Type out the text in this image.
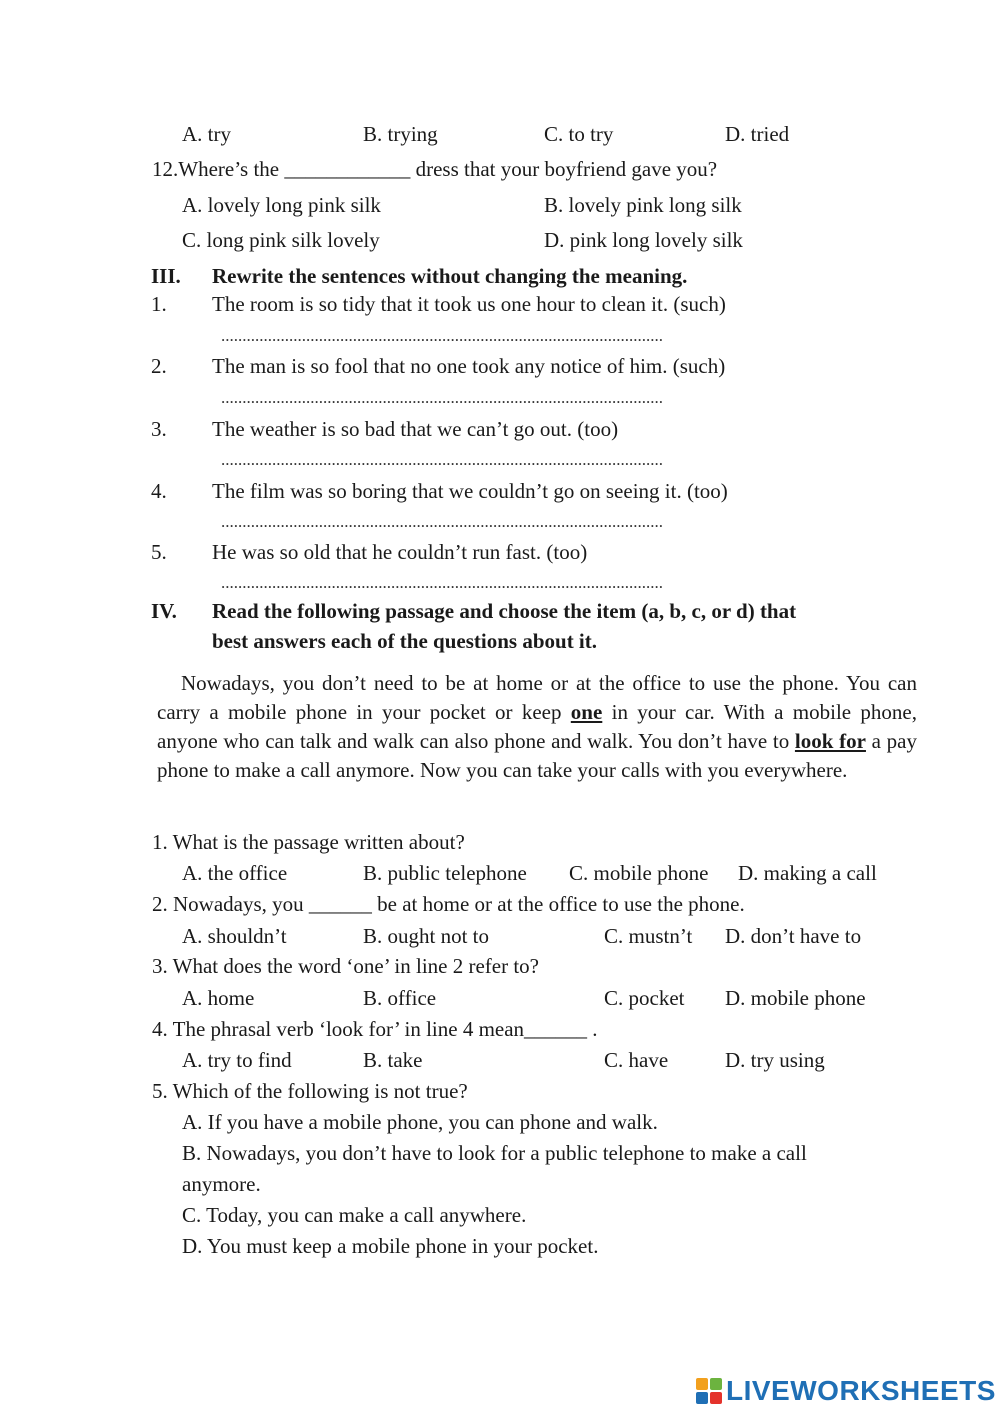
A. try	B. trying	C. to try	D. tried
12.Where’s the ____________ dress that your boyfriend gave you?
A. lovely long pink silk	B. lovely pink long silk
C. long pink silk lovely	D. pink long lovely silk
III. Rewrite the sentences without changing the meaning.
1. The room is so tidy that it took us one hour to clean it. (such)
........................................................................................................
2. The man is so fool that no one took any notice of him. (such)
........................................................................................................
3. The weather is so bad that we can’t go out. (too)
........................................................................................................
4. The film was so boring that we couldn’t go on seeing it. (too)
........................................................................................................
5. He was so old that he couldn’t run fast. (too)
........................................................................................................
IV. Read the following passage and choose the item (a, b, c, or d) that
best answers each of the questions about it.
Nowadays, you don’t need to be at home or at the office to use the phone. You can carry a mobile phone in your pocket or keep one in your car. With a mobile phone, anyone who can talk and walk can also phone and walk. You don’t have to look for a pay phone to make a call anymore. Now you can take your calls with you everywhere.
1. What is the passage written about?
A. the office	B. public telephone C. mobile phone D. making a call
2. Nowadays, you ______ be at home or at the office to use the phone.
A. shouldn’t	B. ought not to	C. mustn’t D. don’t have to
3. What does the word ‘one’ in line 2 refer to?
A. home	B. office	C. pocket D. mobile phone
4. The phrasal verb ‘look for’ in line 4 mean______ .
A. try to find	B. take	C. have	D. try using
5. Which of the following is not true?
A. If you have a mobile phone, you can phone and walk.
B. Nowadays, you don’t have to look for a public telephone to make a call
anymore.
C. Today, you can make a call anywhere.
D. You must keep a mobile phone in your pocket.
LIVEWORKSHEETS
